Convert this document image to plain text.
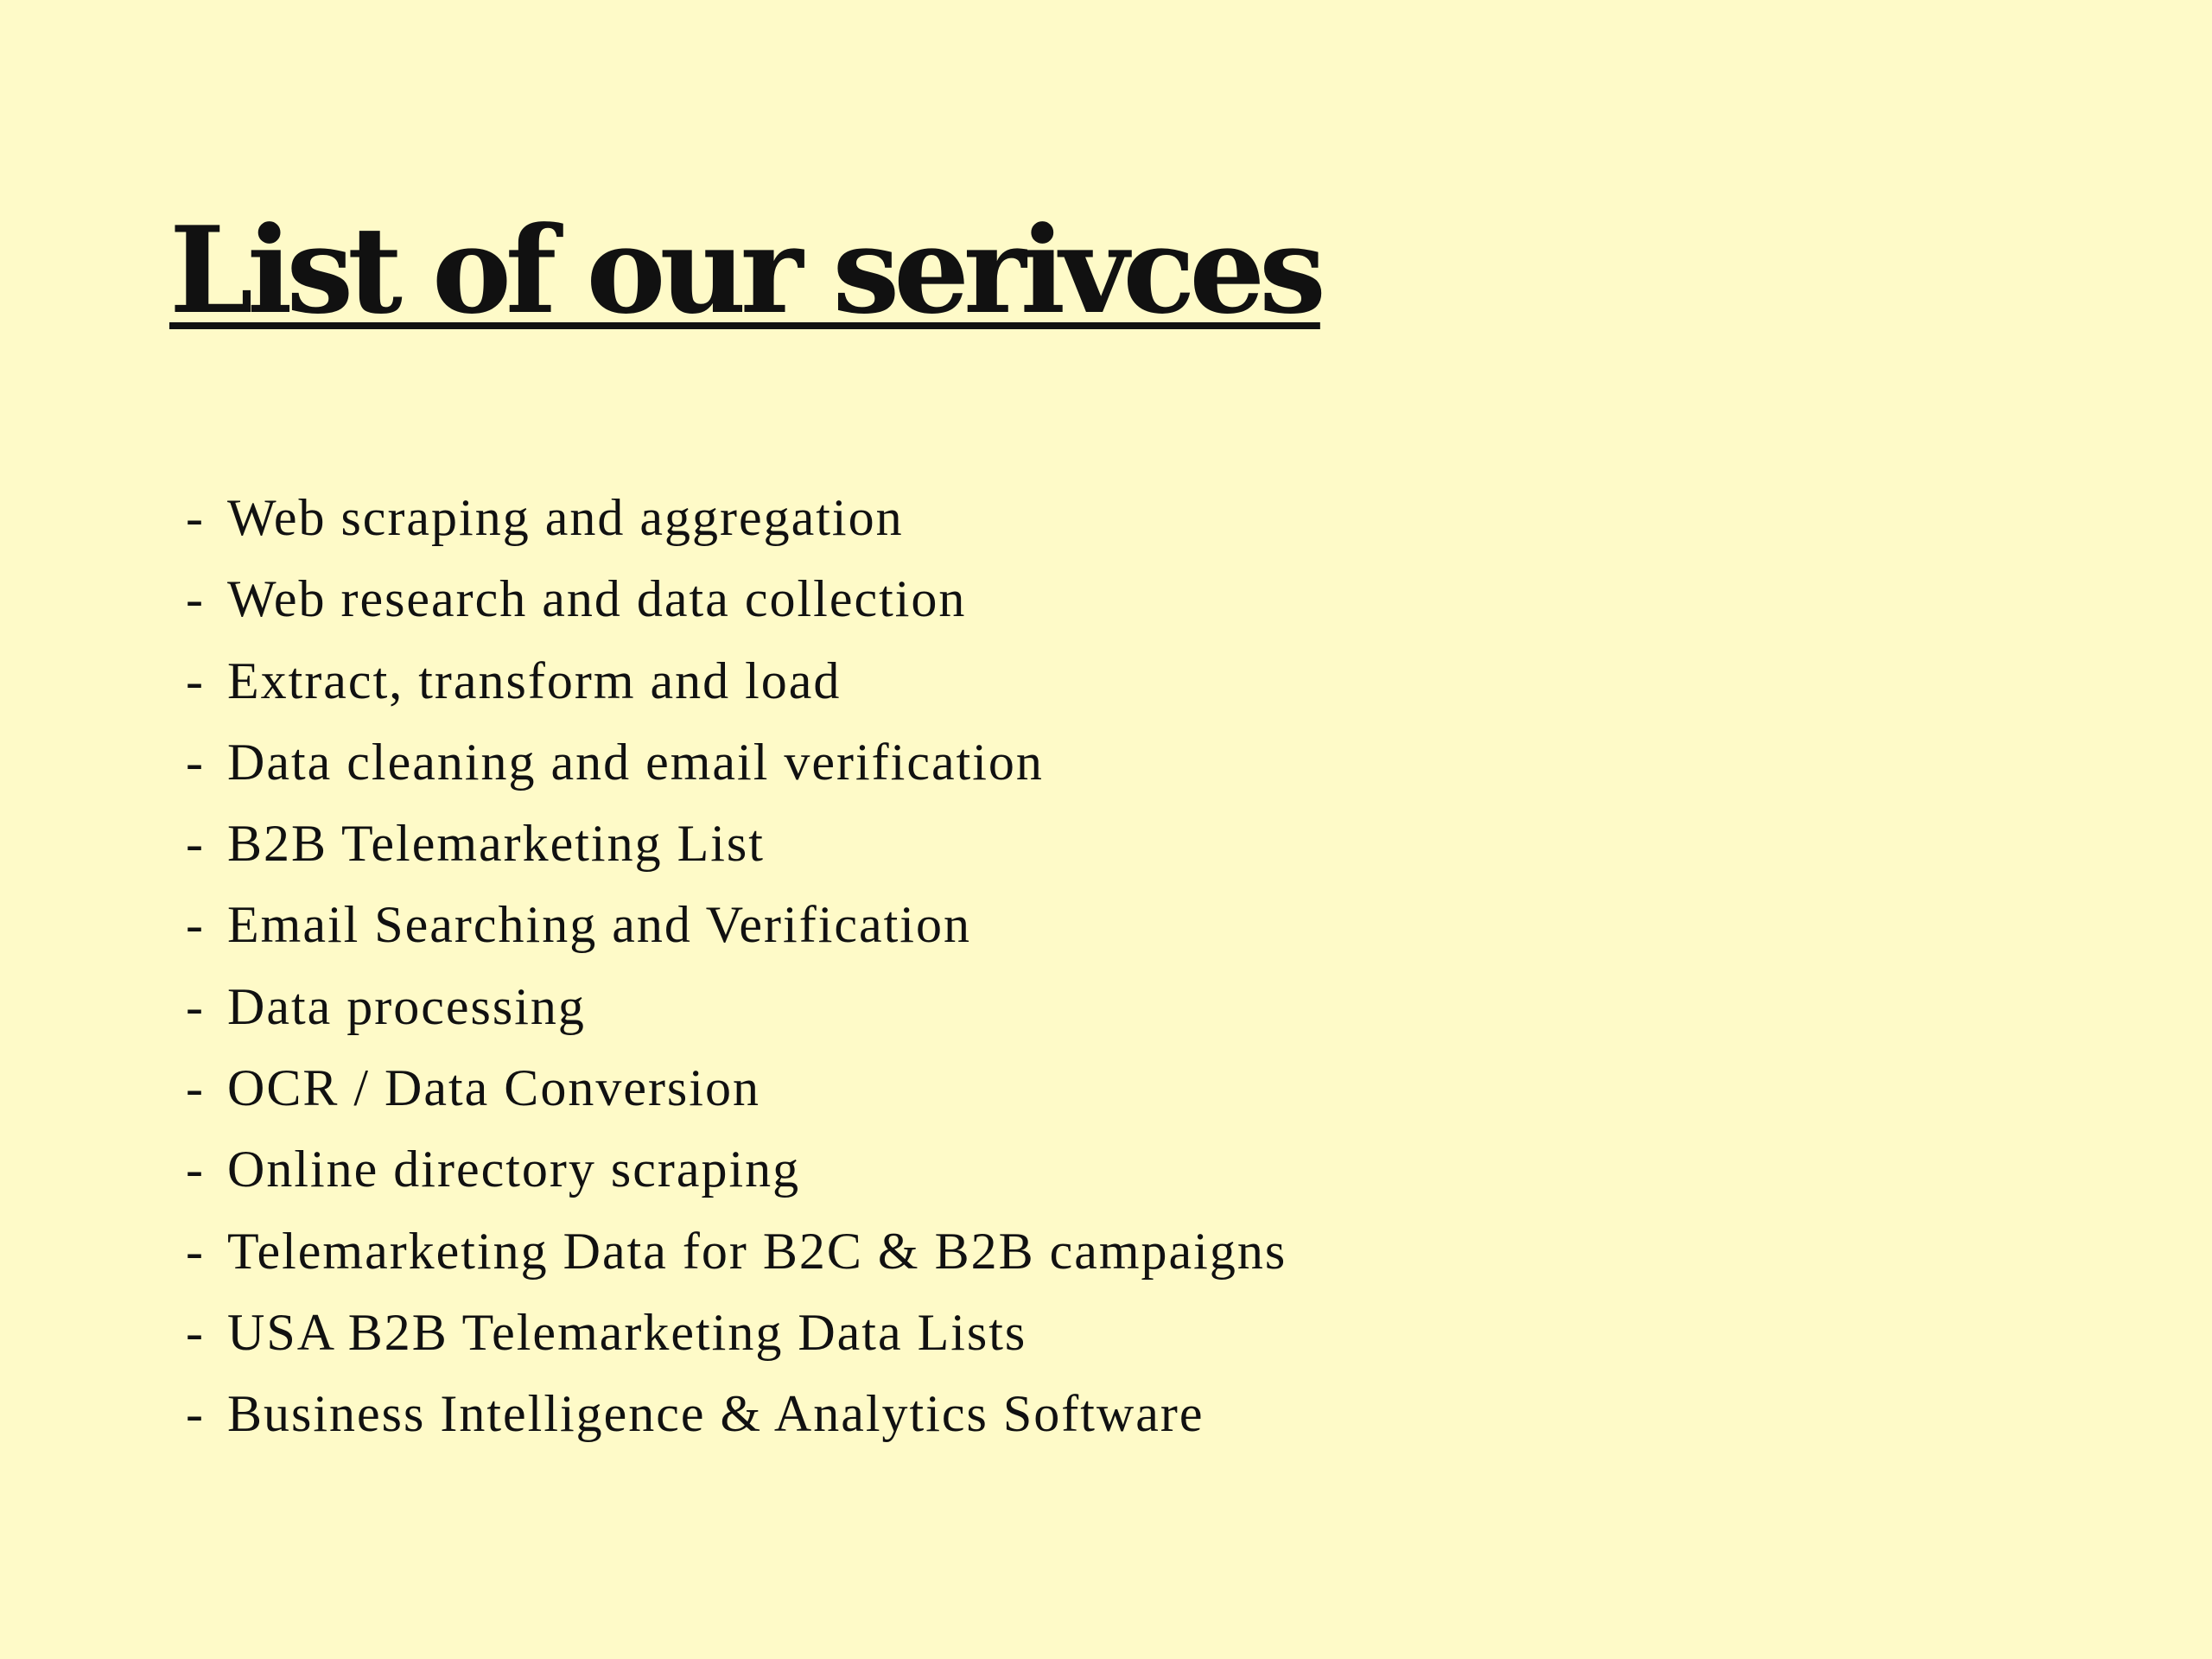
List of our serivces
- Web scraping and aggregation
- Web research and data collection
- Extract, transform and load
- Data cleaning and email verification
- B2B Telemarketing List
- Email Searching and Verification
- Data processing
- OCR / Data Conversion
- Online directory scraping
- Telemarketing Data for B2C & B2B campaigns
- USA B2B Telemarketing Data Lists
- Business Intelligence & Analytics Software
